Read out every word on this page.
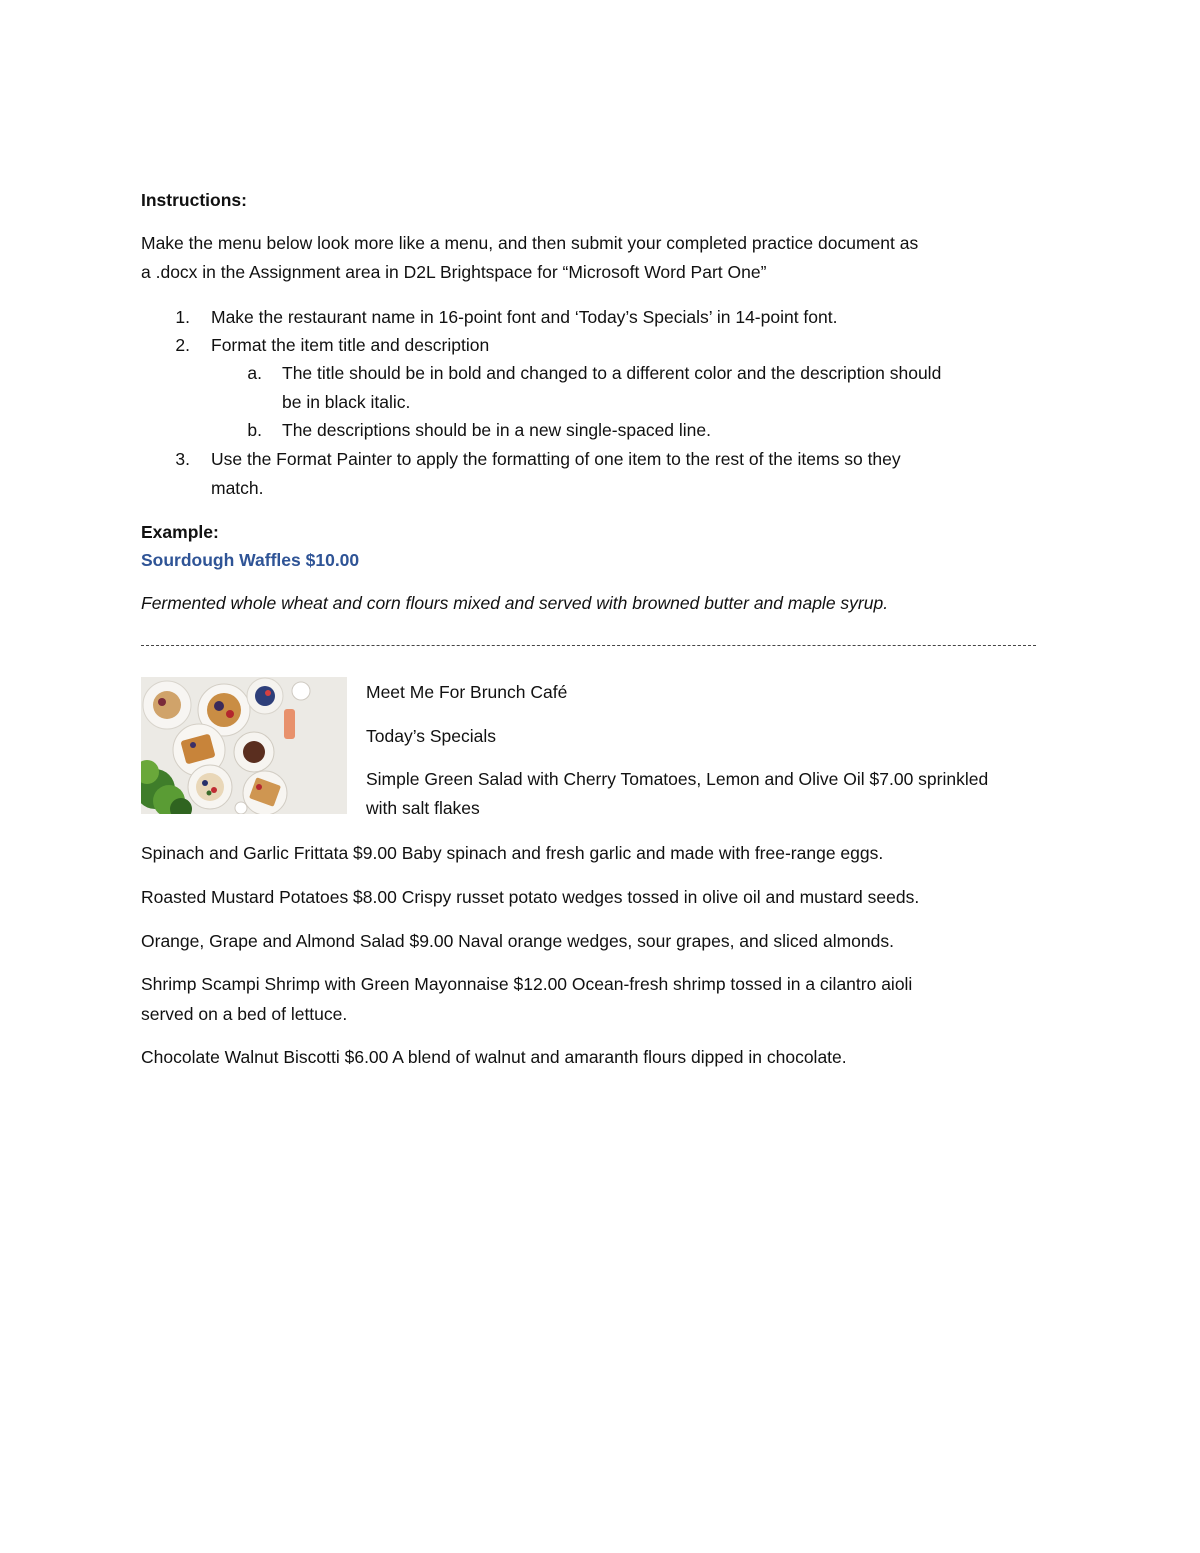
Instructions:
Make the menu below look more like a menu, and then submit your completed practice document as
a .docx in the Assignment area in D2L Brightspace for “Microsoft Word Part One”
1. Make the restaurant name in 16-point font and ‘Today’s Specials’ in 14-point font.
2. Format the item title and description
a. The title should be in bold and changed to a different color and the description should
be in black italic.
b. The descriptions should be in a new single-spaced line.
3. Use the Format Painter to apply the formatting of one item to the rest of the items so they
match.
Example:
Sourdough Waffles $10.00
Fermented whole wheat and corn flours mixed and served with browned butter and maple syrup.
Meet Me For Brunch Café
Today’s Specials
Simple Green Salad with Cherry Tomatoes, Lemon and Olive Oil $7.00 sprinkled
with salt flakes
Spinach and Garlic Frittata $9.00 Baby spinach and fresh garlic and made with free-range eggs.
Roasted Mustard Potatoes $8.00 Crispy russet potato wedges tossed in olive oil and mustard seeds.
Orange, Grape and Almond Salad $9.00 Naval orange wedges, sour grapes, and sliced almonds.
Shrimp Scampi Shrimp with Green Mayonnaise $12.00 Ocean-fresh shrimp tossed in a cilantro aioli
served on a bed of lettuce.
Chocolate Walnut Biscotti $6.00 A blend of walnut and amaranth flours dipped in chocolate.
